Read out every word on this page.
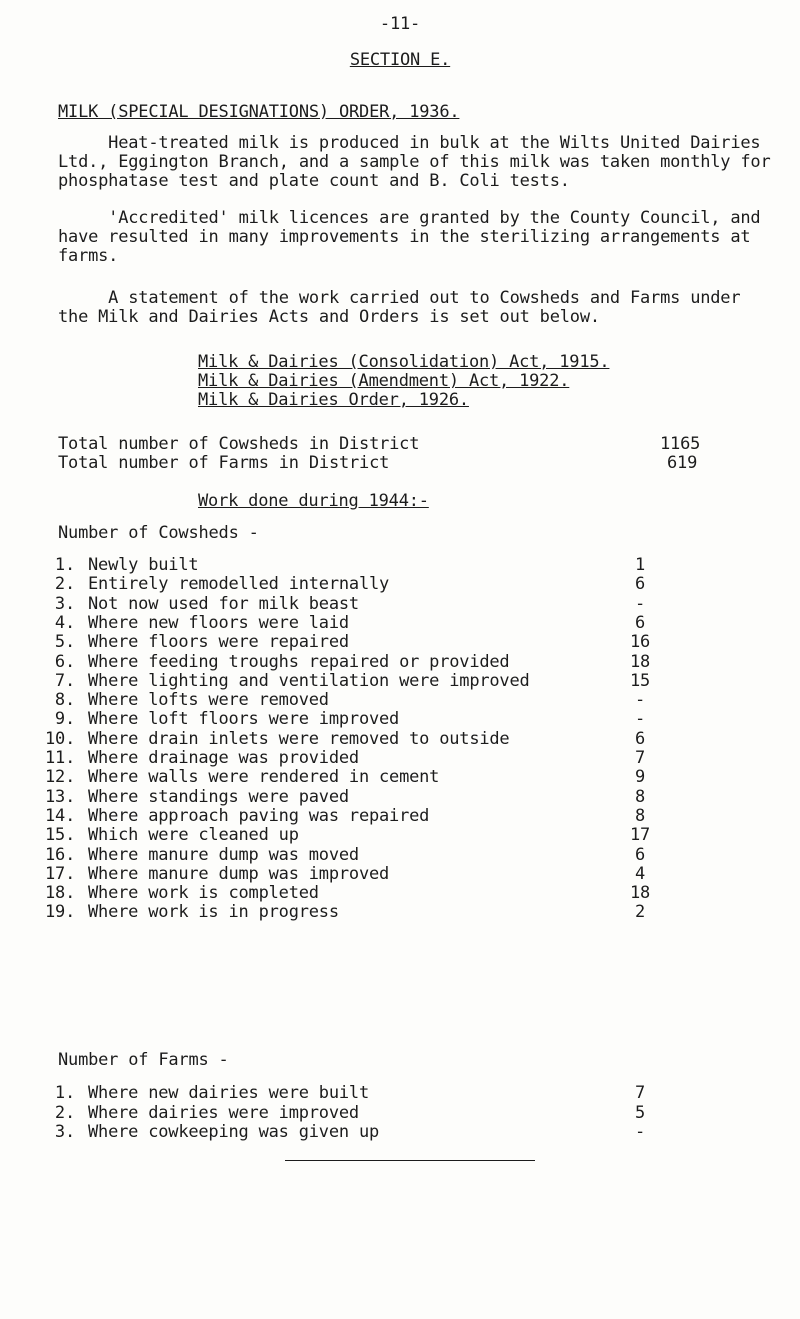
-11-
SECTION E.
MILK (SPECIAL DESIGNATIONS) ORDER, 1936.
Heat-treated milk is produced in bulk at the Wilts United Dairies
Ltd., Eggington Branch, and a sample of this milk was taken monthly for
phosphatase test and plate count and B. Coli tests.
'Accredited' milk licences are granted by the County Council, and
have resulted in many improvements in the sterilizing arrangements at
farms.
A statement of the work carried out to Cowsheds and Farms under
the Milk and Dairies Acts and Orders is set out below.
Milk & Dairies (Consolidation) Act, 1915.
Milk & Dairies (Amendment) Act, 1922.
Milk & Dairies Order, 1926.
Total number of Cowsheds in District	1165
Total number of Farms in District	619
Work done during 1944:-
Number of Cowsheds -
1. Newly built	1
2. Entirely remodelled internally	6
3. Not now used for milk beast	-
4. Where new floors were laid	6
5. Where floors were repaired	16
6. Where feeding troughs repaired or provided	18
7. Where lighting and ventilation were improved	15
8. Where lofts were removed	-
9. Where loft floors were improved	-
10. Where drain inlets were removed to outside	6
11. Where drainage was provided	7
12. Where walls were rendered in cement	9
13. Where standings were paved	8
14. Where approach paving was repaired	8
15. Which were cleaned up	17
16. Where manure dump was moved	6
17. Where manure dump was improved	4
18. Where work is completed	18
19. Where work is in progress	2
Number of Farms -
1. Where new dairies were built	7
2. Where dairies were improved	5
3. Where cowkeeping was given up	-
